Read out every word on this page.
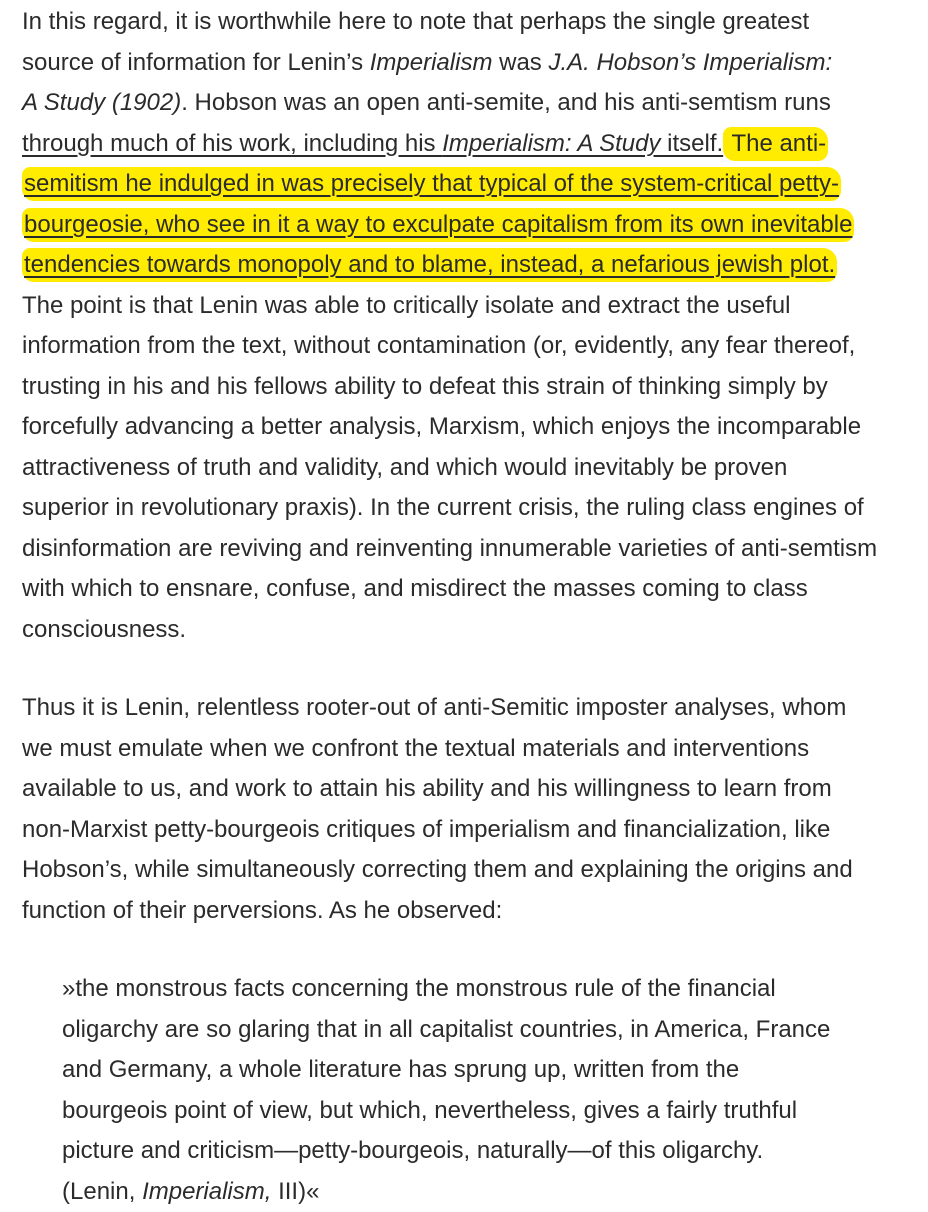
In this regard, it is worthwhile here to note that perhaps the single greatest
source of information for Lenin’s Imperialism was J.A. Hobson’s Imperialism:
A Study (1902). Hobson was an open anti-semite, and his anti-semtism runs
through much of his work, including his Imperialism: A Study itself. The anti-
semitism he indulged in was precisely that typical of the system-critical petty-
bourgeosie, who see in it a way to exculpate capitalism from its own inevitable
tendencies towards monopoly and to blame, instead, a nefarious jewish plot.
The point is that Lenin was able to critically isolate and extract the useful
information from the text, without contamination (or, evidently, any fear thereof,
trusting in his and his fellows ability to defeat this strain of thinking simply by
forcefully advancing a better analysis, Marxism, which enjoys the incomparable
attractiveness of truth and validity, and which would inevitably be proven
superior in revolutionary praxis). In the current crisis, the ruling class engines of
disinformation are reviving and reinventing innumerable varieties of anti-semtism
with which to ensnare, confuse, and misdirect the masses coming to class
consciousness.
Thus it is Lenin, relentless rooter-out of anti-Semitic imposter analyses, whom
we must emulate when we confront the textual materials and interventions
available to us, and work to attain his ability and his willingness to learn from
non-Marxist petty-bourgeois critiques of imperialism and financialization, like
Hobson’s, while simultaneously correcting them and explaining the origins and
function of their perversions. As he observed:
»the monstrous facts concerning the monstrous rule of the financial
oligarchy are so glaring that in all capitalist countries, in America, France
and Germany, a whole literature has sprung up, written from the
bourgeois point of view, but which, nevertheless, gives a fairly truthful
picture and criticism—petty-bourgeois, naturally—of this oligarchy.
(Lenin, Imperialism, III)«
